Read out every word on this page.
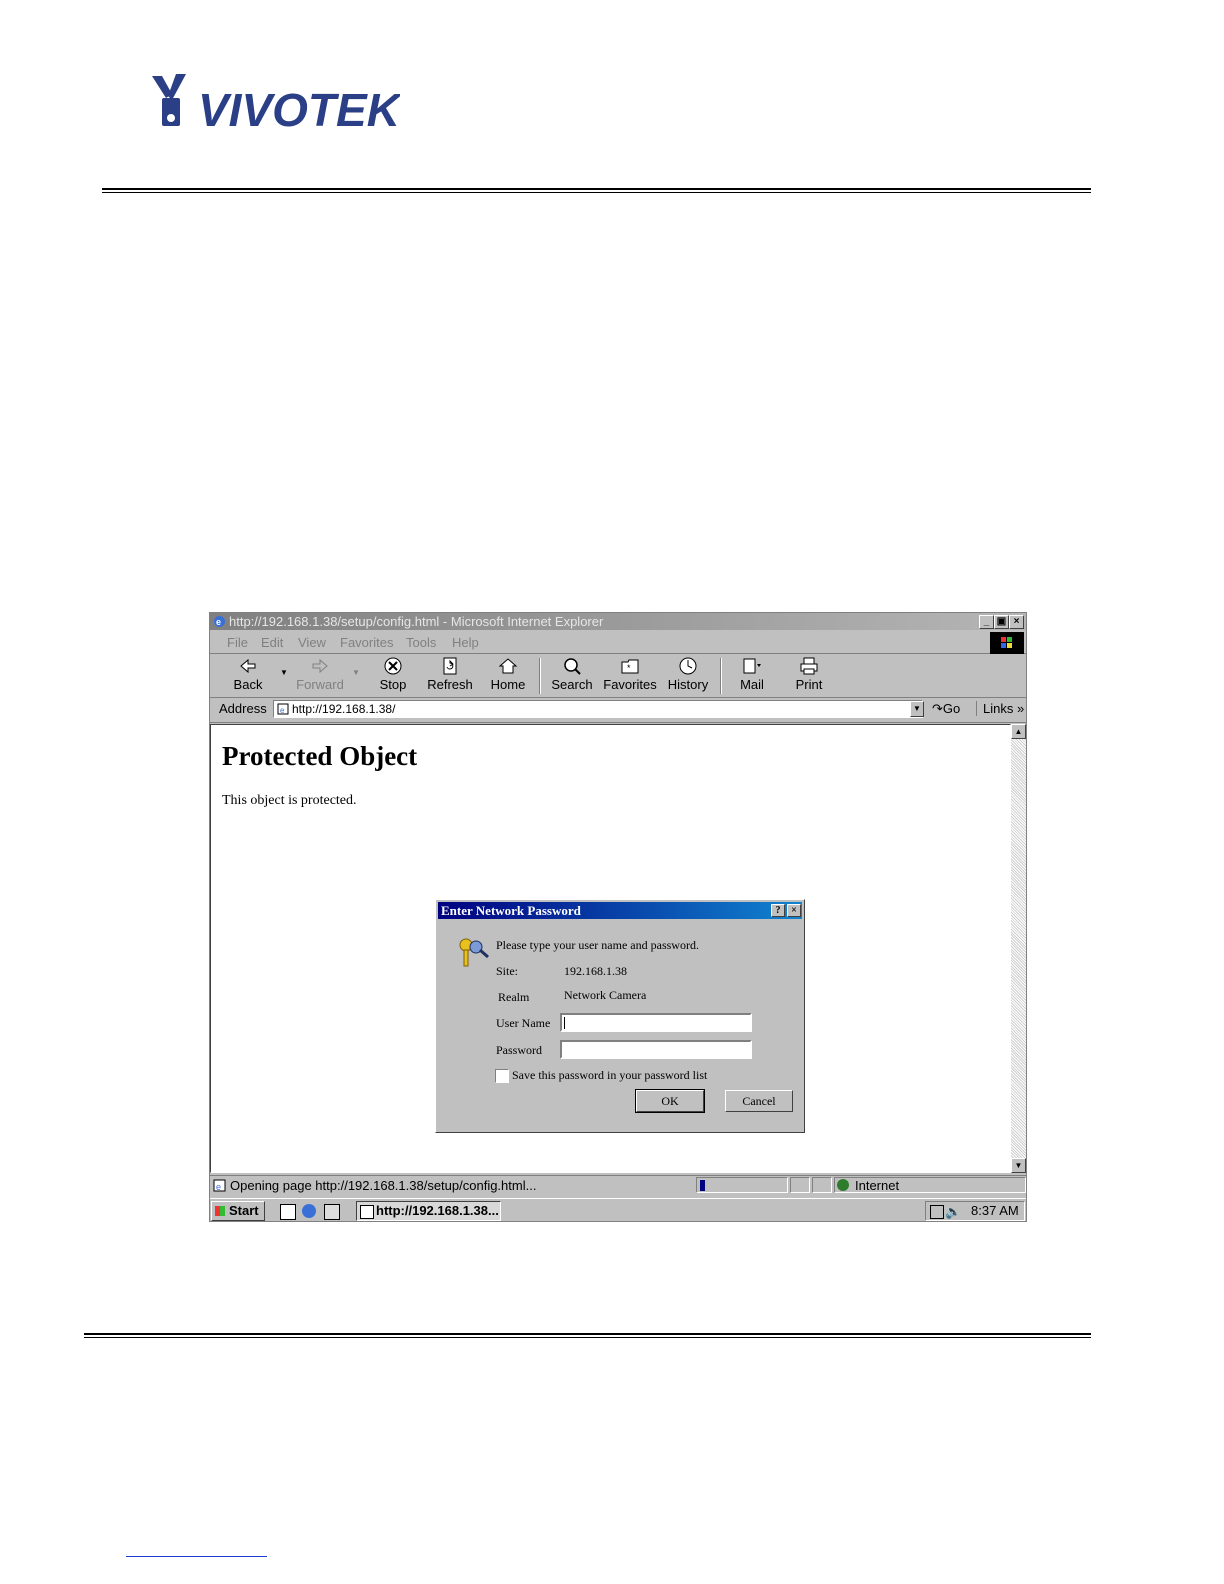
VIVOTEK
e http://192.168.1.38/setup/config.html - Microsoft Internet Explorer	_ ▣ ×
File Edit View Favorites Tools Help
Back
▼
Forward
▼
Stop Refresh Home Search
*
Favorites History	Mail	Print
Address e http://192.168.1.38/	▼ ↷Go	Links »
Protected Object
This object is protected.
Enter Network Password	?	×
Please type your user name and password.
Site:	192.168.1.38
Realm	Network Camera
User Name
Password
Save this password in your password list
OK	Cancel
▲
▼
e Opening page http://192.168.1.38/setup/config.html...	Internet
Start	http://192.168.1.38...	🔈 8:37 AM
